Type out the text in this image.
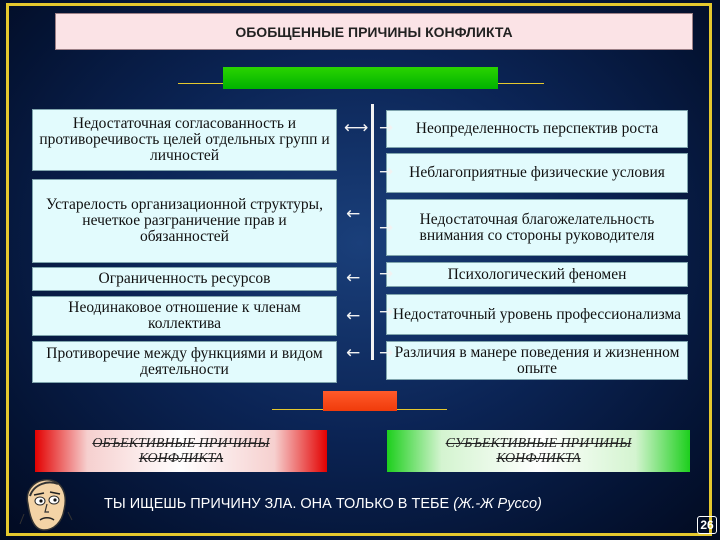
ОБОБЩЕННЫЕ ПРИЧИНЫ КОНФЛИКТА
Недостаточная согласованность и противоречивость целей отдельных групп и личностей
Устарелость организационной структуры, нечеткое разграничение прав и обязанностей
Ограниченность ресурсов
Неодинаковое отношение к членам коллектива
Противоречие между функциями и видом деятельности
Неопределенность перспектив роста
Неблагоприятные физические условия
Недостаточная благожелательность внимания со стороны руководителя
Психологический феномен
Недостаточный уровень профессионализма
Различия в манере поведения и жизненном опыте
⟷
←
←
←
←
→
→
→
→
→
→
ОБЪЕКТИВНЫЕ ПРИЧИНЫ КОНФЛИКТА
СУБЪЕКТИВНЫЕ ПРИЧИНЫ КОНФЛИКТА
ТЫ ИЩЕШЬ ПРИЧИНУ ЗЛА. ОНА ТОЛЬКО В ТЕБЕ (Ж.-Ж Руссо)
26
